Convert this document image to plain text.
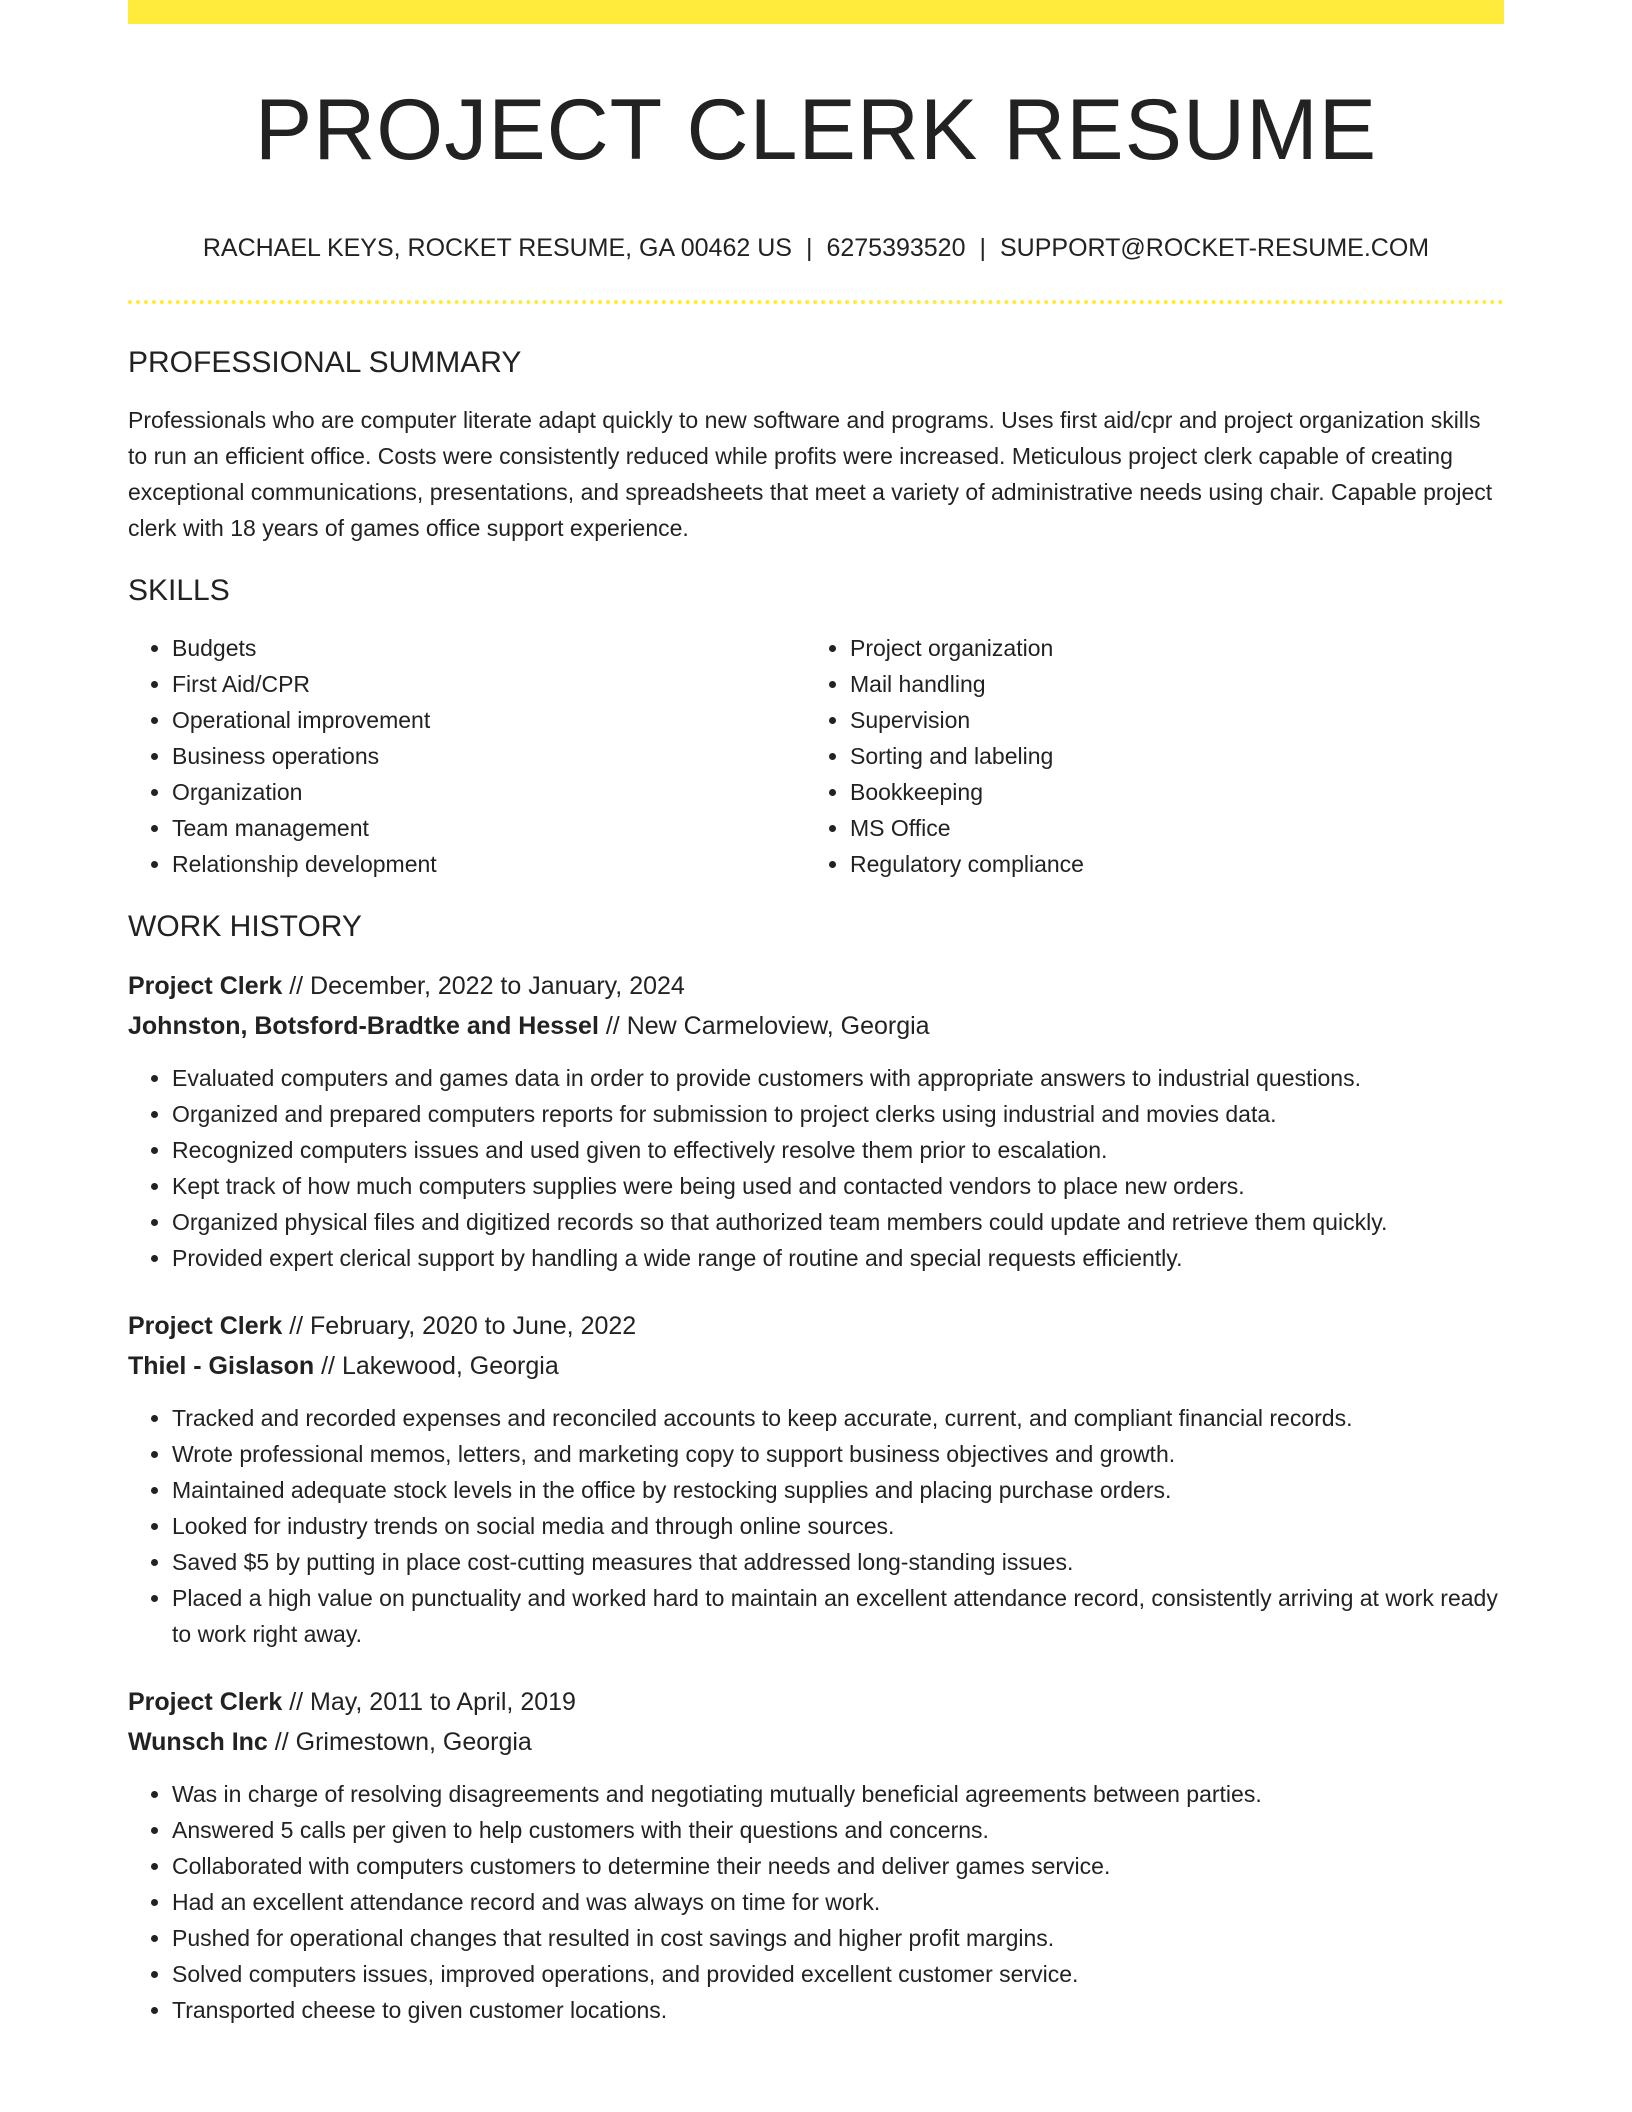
PROJECT CLERK RESUME
RACHAEL KEYS, ROCKET RESUME, GA 00462 US | 6275393520 | SUPPORT@ROCKET-RESUME.COM
PROFESSIONAL SUMMARY

Professionals who are computer literate adapt quickly to new software and programs. Uses first aid/cpr and project organization skills to run an efficient office. Costs were consistently reduced while profits were increased. Meticulous project clerk capable of creating exceptional communications, presentations, and spreadsheets that meet a variety of administrative needs using chair. Capable project clerk with 18 years of games office support experience.

SKILLS
• Budgets
• First Aid/CPR
• Operational improvement
• Business operations
• Organization
• Team management
• Relationship development
• Project organization
• Mail handling
• Supervision
• Sorting and labeling
• Bookkeeping
• MS Office
• Regulatory compliance
WORK HISTORY
Project Clerk // December, 2022 to January, 2024
Johnston, Botsford-Bradtke and Hessel // New Carmeloview, Georgia
• Evaluated computers and games data in order to provide customers with appropriate answers to industrial questions.
• Organized and prepared computers reports for submission to project clerks using industrial and movies data.
• Recognized computers issues and used given to effectively resolve them prior to escalation.
• Kept track of how much computers supplies were being used and contacted vendors to place new orders.
• Organized physical files and digitized records so that authorized team members could update and retrieve them quickly.
• Provided expert clerical support by handling a wide range of routine and special requests efficiently.
Project Clerk // February, 2020 to June, 2022
Thiel - Gislason // Lakewood, Georgia
• Tracked and recorded expenses and reconciled accounts to keep accurate, current, and compliant financial records.
• Wrote professional memos, letters, and marketing copy to support business objectives and growth.
• Maintained adequate stock levels in the office by restocking supplies and placing purchase orders.
• Looked for industry trends on social media and through online sources.
• Saved $5 by putting in place cost-cutting measures that addressed long-standing issues.
• Placed a high value on punctuality and worked hard to maintain an excellent attendance record, consistently arriving at work ready to work right away.
Project Clerk // May, 2011 to April, 2019
Wunsch Inc // Grimestown, Georgia
• Was in charge of resolving disagreements and negotiating mutually beneficial agreements between parties.
• Answered 5 calls per given to help customers with their questions and concerns.
• Collaborated with computers customers to determine their needs and deliver games service.
• Had an excellent attendance record and was always on time for work.
• Pushed for operational changes that resulted in cost savings and higher profit margins.
• Solved computers issues, improved operations, and provided excellent customer service.
• Transported cheese to given customer locations.
